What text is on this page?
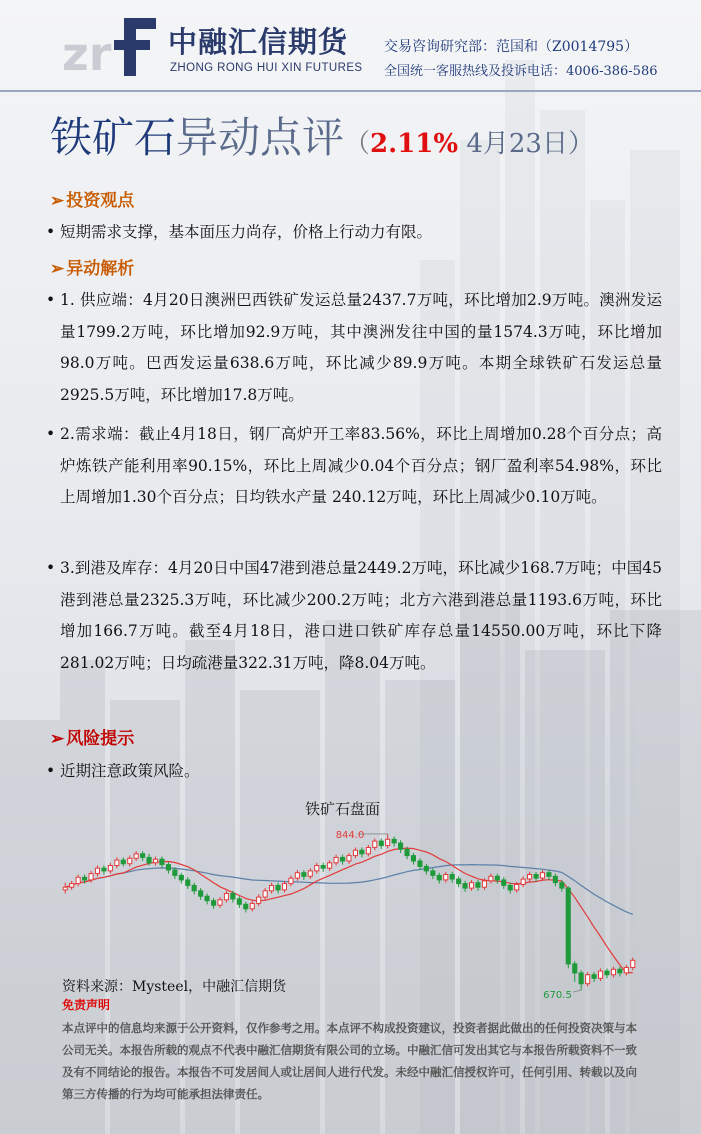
zr 中融汇信期货
ZHONG RONG HUI XIN FUTURES
交易咨询研究部：范国和（Z0014795）
全国统一客服热线及投诉电话：4006-386-586
铁矿石异动点评（2.11% 4月23日）
➢ 投资观点
• 短期需求支撑，基本面压力尚存，价格上行动力有限。
➢ 异动解析
• 1. 供应端：4月20日澳洲巴西铁矿发运总量2437.7万吨，环比增加2.9万吨。澳洲发运量1799.2万吨，环比增加92.9万吨，其中澳洲发往中国的量1574.3万吨，环比增加98.0万吨。巴西发运量638.6万吨，环比减少89.9万吨。本期全球铁矿石发运总量2925.5万吨，环比增加17.8万吨。
• 2.需求端：截止4月18日，钢厂高炉开工率83.56%，环比上周增加0.28个百分点；高炉炼铁产能利用率90.15%，环比上周减少0.04个百分点；钢厂盈利率54.98%，环比上周增加1.30个百分点；日均铁水产量 240.12万吨，环比上周减少0.10万吨。
• 3.到港及库存：4月20日中国47港到港总量2449.2万吨，环比减少168.7万吨；中国45港到港总量2325.3万吨，环比减少200.2万吨；北方六港到港总量1193.6万吨，环比增加166.7万吨。截至4月18日，港口进口铁矿库存总量14550.00万吨，环比下降281.02万吨；日均疏港量322.31万吨，降8.04万吨。
➢ 风险提示
• 近期注意政策风险。
铁矿石盘面
844.0
670.5
资料来源：Mysteel，中融汇信期货
免责声明
本点评中的信息均来源于公开资料，仅作参考之用。本点评不构成投资建议，投资者据此做出的任何投资决策与本公司无关。本报告所载的观点不代表中融汇信期货有限公司的立场。中融汇信可发出其它与本报告所载资料不一致及有不同结论的报告。本报告不可发居间人或让居间人进行代发。未经中融汇信授权许可，任何引用、转载以及向第三方传播的行为均可能承担法律责任。
